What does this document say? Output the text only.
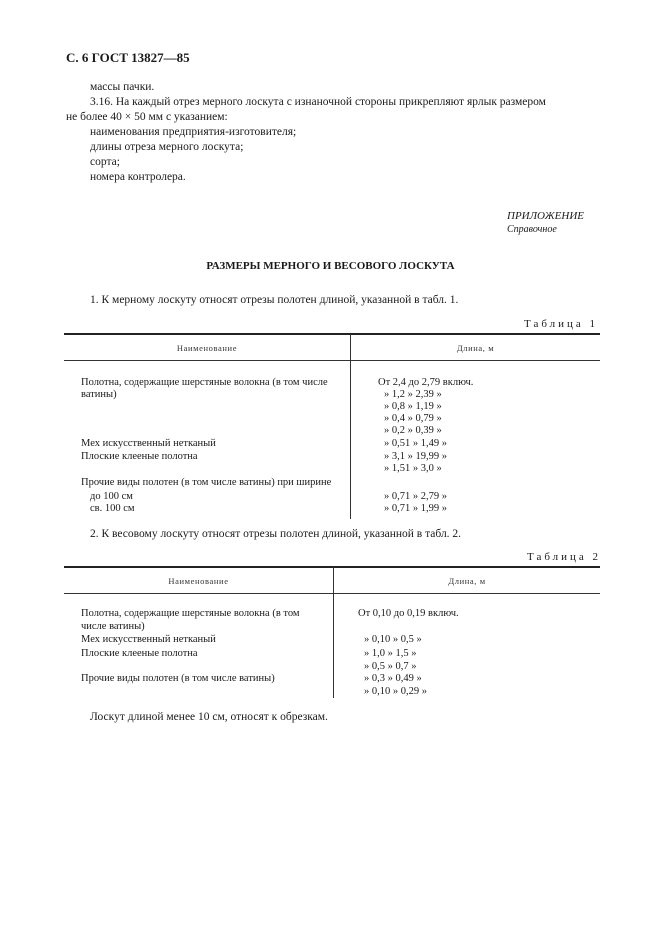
С. 6 ГОСТ 13827—85
массы пачки.
3.16. На каждый отрез мерного лоскута с изнаночной стороны прикрепляют ярлык размером
не более 40 × 50 мм с указанием:
наименования предприятия-изготовителя;
длины отреза мерного лоскута;
сорта;
номера контролера.
ПРИЛОЖЕНИЕ
Справочное
РАЗМЕРЫ МЕРНОГО И ВЕСОВОГО ЛОСКУТА
1. К мерному лоскуту относят отрезы полотен длиной, указанной в табл. 1.
Таблица 1
Наименование	Длина, м
Полотна, содержащие шерстяные волокна (в том числе	От 2,4 до 2,79 включ.
ватины)	» 1,2 » 2,39 »
» 0,8 » 1,19 »
» 0,4 » 0,79 »
» 0,2 » 0,39 »
Мех искусственный нетканый	» 0,51 » 1,49 »
Плоские клееные полотна	» 3,1 » 19,99 »
» 1,51 » 3,0 »
Прочие виды полотен (в том числе ватины) при ширине
до 100 см	» 0,71 » 2,79 »
св. 100 см	» 0,71 » 1,99 »
2. К весовому лоскуту относят отрезы полотен длиной, указанной в табл. 2.
Таблица 2
Наименование	Длина, м
Полотна, содержащие шерстяные волокна (в том	От 0,10 до 0,19 включ.
числе ватины)
Мех искусственный нетканый	» 0,10 » 0,5 »
Плоские клееные полотна	» 1,0 » 1,5 »
» 0,5 » 0,7 »
Прочие виды полотен (в том числе ватины)	» 0,3 » 0,49 »
» 0,10 » 0,29 »
Лоскут длиной менее 10 см, относят к обрезкам.
